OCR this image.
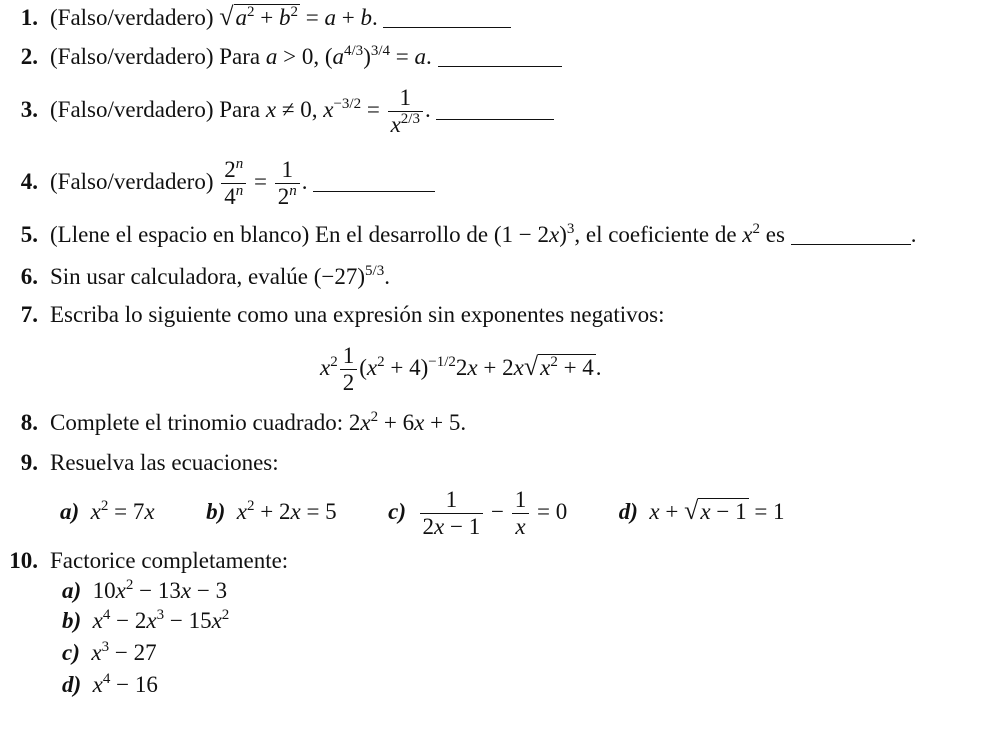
1. (Falso/verdadero) $√a^2 + b^2 = a + b$.
2. (Falso/verdadero) Para a > 0, $(a^{4/3})^{3/4} = a$.
3. (Falso/verdadero) Para x ≠ 0, $x^{-3/2} = \frac{1}{x^{2/3}}$ .
4. (Falso/verdadero) $\frac{2^n}{4^n} = \frac{1}{2^n}$ .
5. (Llene el espacio en blanco) En el desarrollo de $(1 - 2x)^3$, el coeficiente de $x^2$ es	.
6. Sin usar calculadora, evalúe $(-27)^{5/3}$.
7. Escriba lo siguiente como una expresión sin exponentes negativos:
$x^2 \frac{1}{2} (x^2 + 4)^{-1/2}2x + 2x√x^2 + 4$.
8. Complete el trinomio cuadrado: $2x^2 + 6x + 5$.
9. Resuelva las ecuaciones:
a) $x^2 = 7x$ b) $x^2 + 2x = 5$  $c) \frac{1}{2x - 1} - \frac{1}{x} = 0$  d) x + √x − 1 = 1
10. Factorice completamente:
a)  $10x^2 - 13x - 3$
b) $x^4 - 2x^3 - 15x^2$
c) $x^3 - 27$
d) $x^4 - 16$
